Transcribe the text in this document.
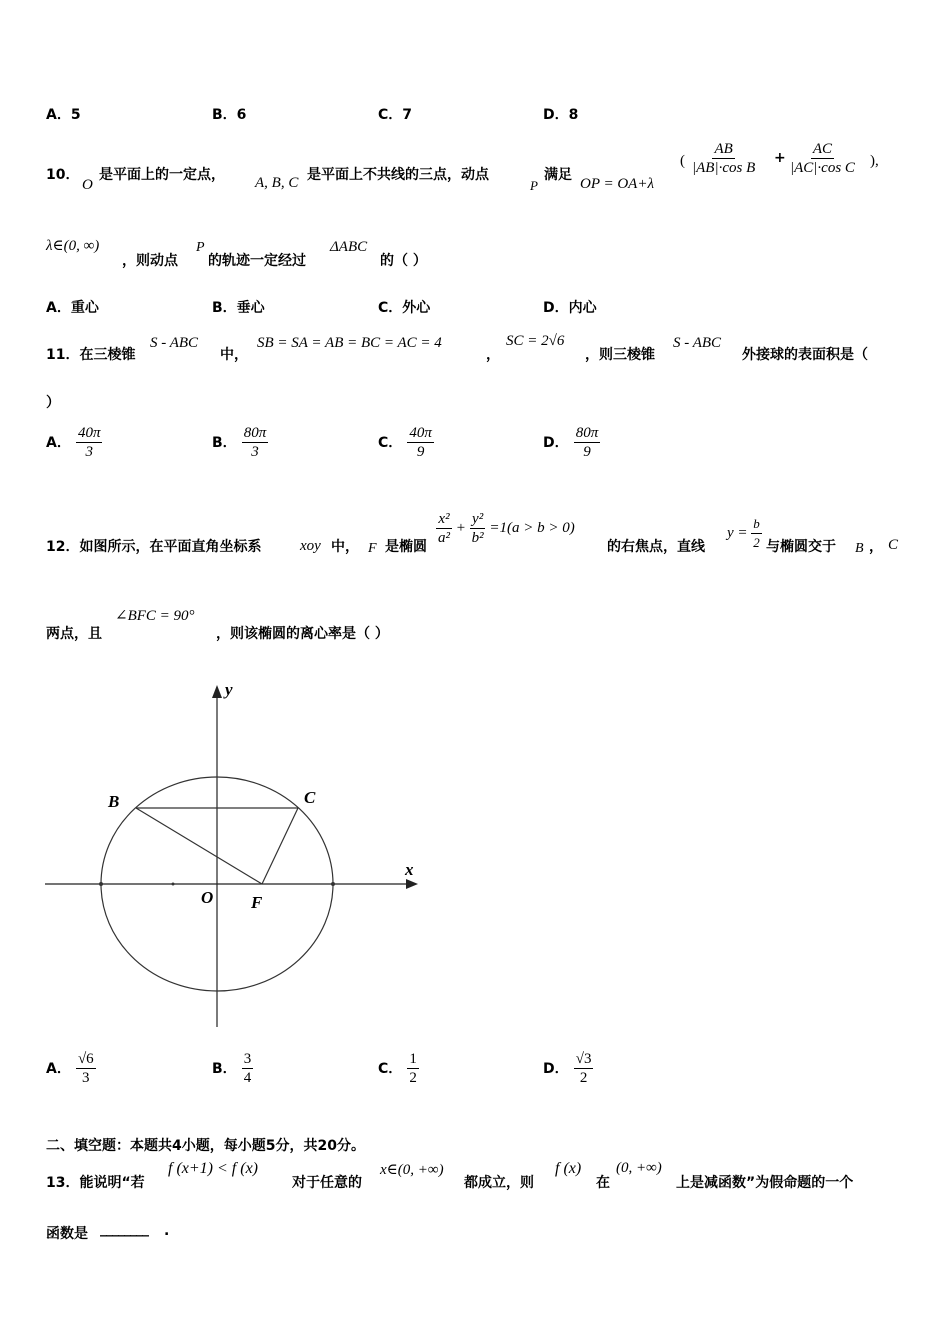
A．5	B．6	C．7	D．8
10．
O
是平面上的一定点， A, B, C 是平面上不共线的三点，动点
P
满足
OP = OA+λ
( $\frac{AB}{\text{|AB|·cos B}} + \frac{AC}{\text{|AC|·cos C}}$ ),
λ∈(0, ∞)
，则动点
P
的轨迹一定经过
ΔABC
的（ ）
A．重心	B．垂心	C．外心	D．内心
11．在三棱锥
S - ABC
中，
SB = SA = AB = BC = AC = 4
，
SC = 2√6
，则三棱锥
S - ABC
外接球的表面积是（
）
A． $\frac{40\pi}{3}$	B． $\frac{80\pi}{3}$	C． $\frac{40\pi}{9}$	D． $\frac{80\pi}{9}$
12．如图所示，在平面直角坐标系	xoy 中， F 是椭圆 $\frac{\text{x²}}{\text{a²}} + \frac{\text{y²}}{\text{b²}} =1(a > b > 0)$
的右焦点，直线
$y = \frac{b}{2}$ 与椭圆交于 B ， C
两点，且
∠BFC = 90°
，则该椭圆的离心率是（ ）
y
x
B	C
O F
A． $\frac{√6}{3}$	B． $\frac{3}{4}$	C． $\frac{1}{2}$	D． $\frac{√3}{2}$
二、填空题：本题共4小题，每小题5分，共20分。
13．能说明“若
f (x+1) < f (x)
对于任意的
x∈(0, +∞)
都成立，则
f (x)
在
(0, +∞)
上是减函数”为假命题的一个
函数是 ________ .
